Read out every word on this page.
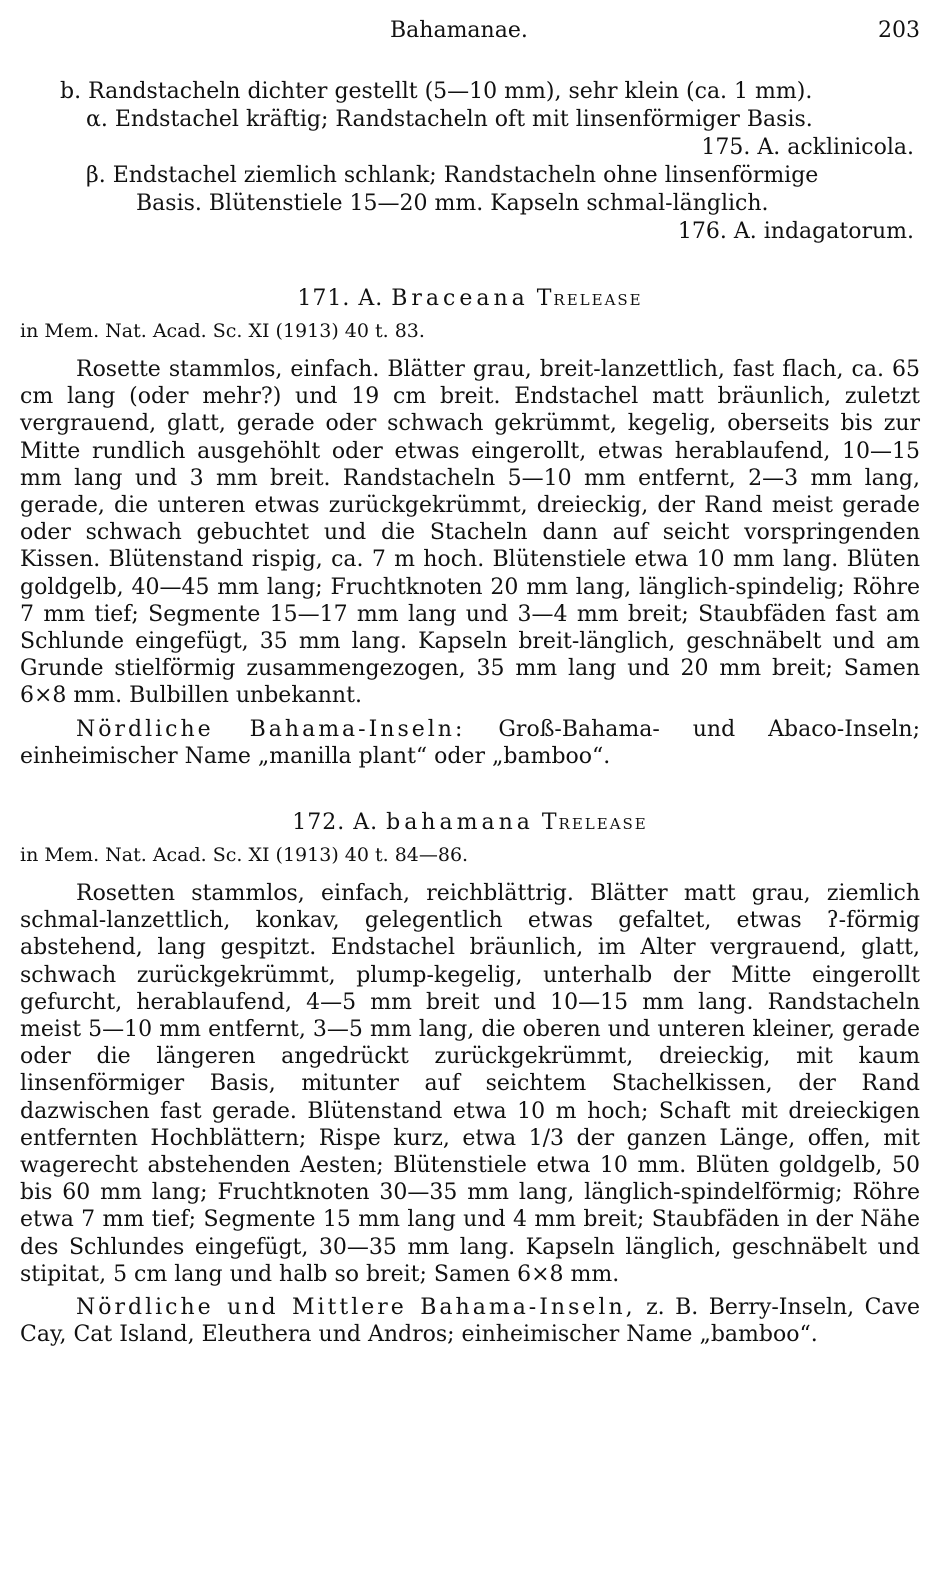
Bahamanae.	203
b. Randstacheln dichter gestellt (5—10 mm), sehr klein (ca. 1 mm).
α. Endstachel kräftig; Randstacheln oft mit linsenförmiger Basis.
175. A. acklinicola.
β. Endstachel ziemlich schlank; Randstacheln ohne linsenförmige
Basis. Blütenstiele 15—20 mm. Kapseln schmal-länglich.
176. A. indagatorum.
171. A. Braceana Trelease
in Mem. Nat. Acad. Sc. XI (1913) 40 t. 83.

Rosette stammlos, einfach. Blätter grau, breit-lanzettlich, fast flach, ca. 65 cm lang (oder mehr?) und 19 cm breit. Endstachel matt bräunlich, zuletzt vergrauend, glatt, gerade oder schwach gekrümmt, kegelig, oberseits bis zur Mitte rundlich ausgehöhlt oder etwas eingerollt, etwas herablaufend, 10—15 mm lang und 3 mm breit. Randstacheln 5—10 mm entfernt, 2—3 mm lang, gerade, die unteren etwas zurückgekrümmt, dreieckig, der Rand meist gerade oder schwach gebuchtet und die Stacheln dann auf seicht vorspringenden Kissen. Blütenstand rispig, ca. 7 m hoch. Blütenstiele etwa 10 mm lang. Blüten goldgelb, 40—45 mm lang; Fruchtknoten 20 mm lang, länglich-spindelig; Röhre 7 mm tief; Segmente 15—17 mm lang und 3—4 mm breit; Staubfäden fast am Schlunde eingefügt, 35 mm lang. Kapseln breit-länglich, geschnäbelt und am Grunde stielförmig zusammengezogen, 35 mm lang und 20 mm breit; Samen 6×8 mm. Bulbillen unbekannt.

Nördliche Bahama-Inseln: Groß-Bahama- und Abaco-Inseln; einheimischer Name „manilla plant“ oder „bamboo“.

172. A. bahamana Trelease
in Mem. Nat. Acad. Sc. XI (1913) 40 t. 84—86.

Rosetten stammlos, einfach, reichblättrig. Blätter matt grau, ziemlich schmal-lanzettlich, konkav, gelegentlich etwas gefaltet, etwas ʔ-förmig abstehend, lang gespitzt. Endstachel bräunlich, im Alter vergrauend, glatt, schwach zurückgekrümmt, plump-kegelig, unterhalb der Mitte eingerollt gefurcht, herablaufend, 4—5 mm breit und 10—15 mm lang. Randstacheln meist 5—10 mm entfernt, 3—5 mm lang, die oberen und unteren kleiner, gerade oder die längeren angedrückt zurückgekrümmt, dreieckig, mit kaum linsenförmiger Basis, mitunter auf seichtem Stachelkissen, der Rand dazwischen fast gerade. Blütenstand etwa 10 m hoch; Schaft mit dreieckigen entfernten Hochblättern; Rispe kurz, etwa 1/3 der ganzen Länge, offen, mit wagerecht abstehenden Aesten; Blütenstiele etwa 10 mm. Blüten goldgelb, 50 bis 60 mm lang; Fruchtknoten 30—35 mm lang, länglich-spindelförmig; Röhre etwa 7 mm tief; Segmente 15 mm lang und 4 mm breit; Staubfäden in der Nähe des Schlundes eingefügt, 30—35 mm lang. Kapseln länglich, geschnäbelt und stipitat, 5 cm lang und halb so breit; Samen 6×8 mm.

Nördliche und Mittlere Bahama-Inseln, z. B. Berry-Inseln, Cave Cay, Cat Island, Eleuthera und Andros; einheimischer Name „bamboo“.
